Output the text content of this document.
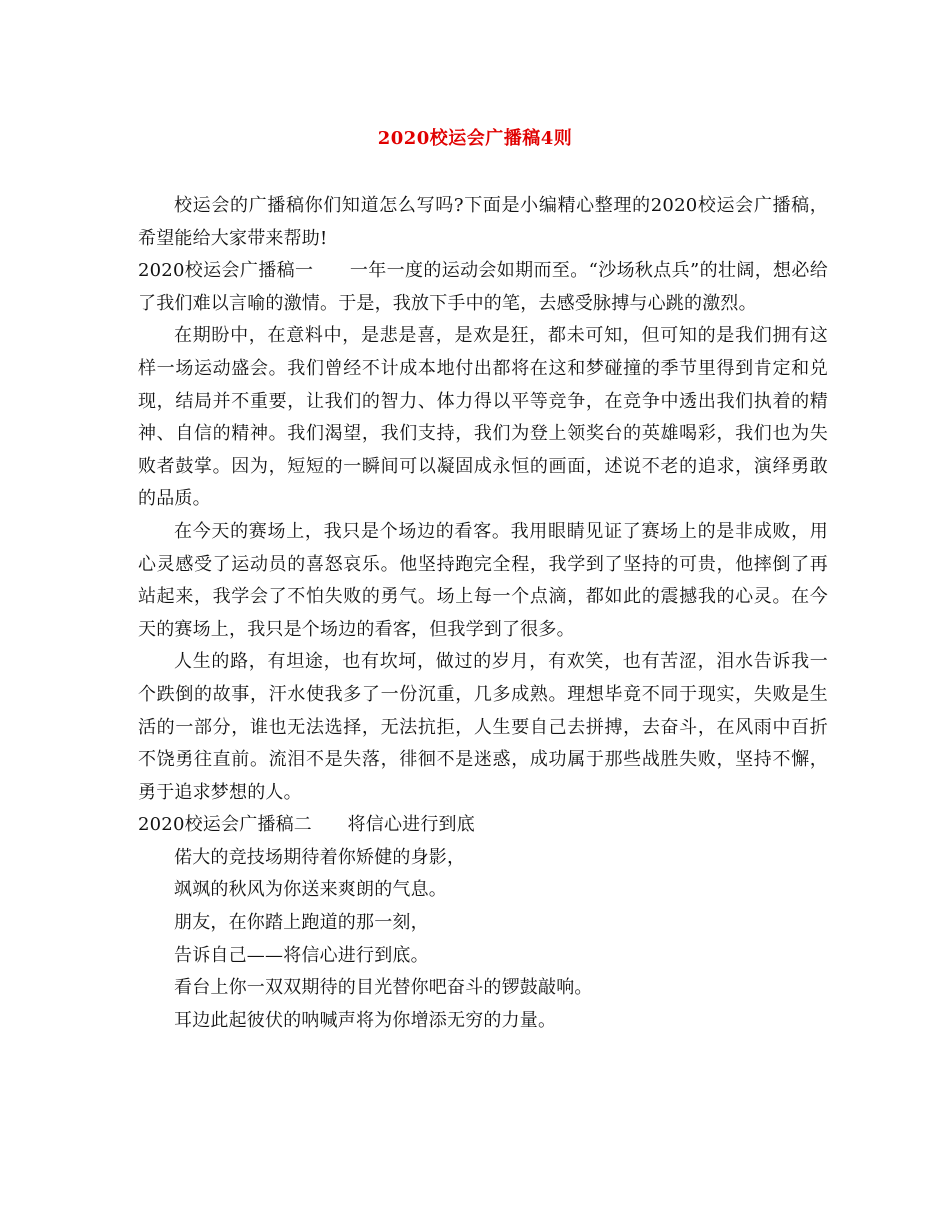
2020校运会广播稿4则

校运会的广播稿你们知道怎么写吗?下面是小编精心整理的2020校运会广播稿，希望能给大家带来帮助!

2020校运会广播稿一 一年一度的运动会如期而至。“沙场秋点兵”的壮阔，想必给了我们难以言喻的激情。于是，我放下手中的笔，去感受脉搏与心跳的激烈。

在期盼中，在意料中，是悲是喜，是欢是狂，都未可知，但可知的是我们拥有这样一场运动盛会。我们曾经不计成本地付出都将在这和梦碰撞的季节里得到肯定和兑现，结局并不重要，让我们的智力、体力得以平等竞争，在竞争中透出我们执着的精神、自信的精神。我们渴望，我们支持，我们为登上领奖台的英雄喝彩，我们也为失败者鼓掌。因为，短短的一瞬间可以凝固成永恒的画面，述说不老的追求，演绎勇敢的品质。

在今天的赛场上，我只是个场边的看客。我用眼睛见证了赛场上的是非成败，用心灵感受了运动员的喜怒哀乐。他坚持跑完全程，我学到了坚持的可贵，他摔倒了再站起来，我学会了不怕失败的勇气。场上每一个点滴，都如此的震撼我的心灵。在今天的赛场上，我只是个场边的看客，但我学到了很多。

人生的路，有坦途，也有坎坷，做过的岁月，有欢笑，也有苦涩，泪水告诉我一个跌倒的故事，汗水使我多了一份沉重，几多成熟。理想毕竟不同于现实，失败是生活的一部分，谁也无法选择，无法抗拒，人生要自己去拼搏，去奋斗，在风雨中百折不饶勇往直前。流泪不是失落，徘徊不是迷惑，成功属于那些战胜失败，坚持不懈，勇于追求梦想的人。

2020校运会广播稿二 将信心进行到底

偌大的竞技场期待着你矫健的身影，

飒飒的秋风为你送来爽朗的气息。

朋友，在你踏上跑道的那一刻，

告诉自己——将信心进行到底。

看台上你一双双期待的目光替你吧奋斗的锣鼓敲响。

耳边此起彼伏的呐喊声将为你增添无穷的力量。
